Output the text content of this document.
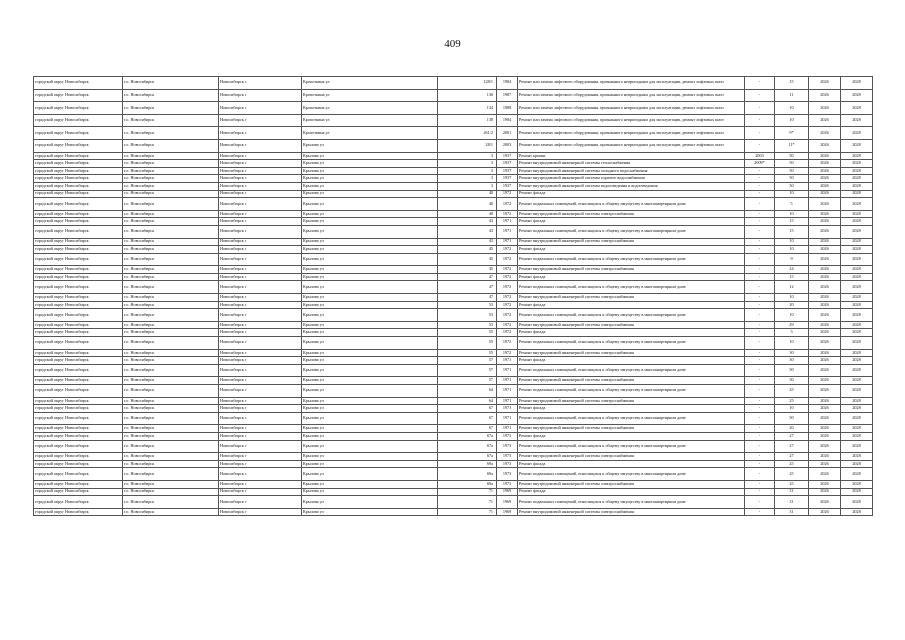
409
городской округ Новосибирск	г.о. Новосибирск	Новосибирск г	Кропоткина ул	128/1	1984	Ремонт или замена лифтового оборудования, признанного непригодным для эксплуатации, ремонт лифтовых шахт	-	15	2026	2028
городской округ Новосибирск	г.о. Новосибирск	Новосибирск г	Кропоткина ул	130	1987	Ремонт или замена лифтового оборудования, признанного непригодным для эксплуатации, ремонт лифтовых шахт	-	11	2026	2028
городской округ Новосибирск	г.о. Новосибирск	Новосибирск г	Кропоткина ул	134	1988	Ремонт или замена лифтового оборудования, признанного непригодным для эксплуатации, ремонт лифтовых шахт	-	10	2026	2028
городской округ Новосибирск	г.о. Новосибирск	Новосибирск г	Кропоткина ул	138	1984	Ремонт или замена лифтового оборудования, признанного непригодным для эксплуатации, ремонт лифтовых шахт	-	10	2026	2028
городской округ Новосибирск	г.о. Новосибирск	Новосибирск г	Кропоткина ул	261/2	2001	Ремонт или замена лифтового оборудования, признанного непригодным для эксплуатации, ремонт лифтовых шахт	-	9*	2026	2028
городской округ Новосибирск	г.о. Новосибирск	Новосибирск г	Крылова ул	28/1	2003	Ремонт или замена лифтового оборудования, признанного непригодным для эксплуатации, ремонт лифтовых шахт	-	11*	2026	2028
городской округ Новосибирск	г.о. Новосибирск	Новосибирск г	Крылова ул	3	1937	Ремонт крыши	2003	50	2026	2028
городской округ Новосибирск	г.о. Новосибирск	Новосибирск г	Крылова ул	3	1937	Ремонт внутридомовой инженерной системы теплоснабжения	2009*	50	2026	2028
городской округ Новосибирск	г.о. Новосибирск	Новосибирск г	Крылова ул	3	1937	Ремонт внутридомовой инженерной системы холодного водоснабжения	-	50	2026	2028
городской округ Новосибирск	г.о. Новосибирск	Новосибирск г	Крылова ул	3	1937	Ремонт внутридомовой инженерной системы горячего водоснабжения	-	50	2026	2028
городской округ Новосибирск	г.о. Новосибирск	Новосибирск г	Крылова ул	3	1937	Ремонт внутридомовой инженерной системы водоотведения и водоотведения	-	50	2026	2028
городской округ Новосибирск	г.о. Новосибирск	Новосибирск г	Крылова ул	40	1972	Ремонт фасада	-	10	2026	2028
городской округ Новосибирск	г.о. Новосибирск	Новосибирск г	Крылова ул	40	1972	Ремонт подвальных помещений, относящихся к общему имуществу в многоквартирном доме	-	5	2026	2028
городской округ Новосибирск	г.о. Новосибирск	Новосибирск г	Крылова ул	40	1972	Ремонт внутридомовой инженерной системы электроснабжения	-	10	2026	2028
городской округ Новосибирск	г.о. Новосибирск	Новосибирск г	Крылова ул	43	1971	Ремонт фасада	-	15	2026	2028
городской округ Новосибирск	г.о. Новосибирск	Новосибирск г	Крылова ул	43	1971	Ремонт подвальных помещений, относящихся к общему имуществу в многоквартирном доме	-	15	2026	2028
городской округ Новосибирск	г.о. Новосибирск	Новосибирск г	Крылова ул	43	1971	Ремонт внутридомовой инженерной системы электроснабжения	-	10	2026	2028
городской округ Новосибирск	г.о. Новосибирск	Новосибирск г	Крылова ул	45	1972	Ремонт фасада	-	10	2026	2028
городской округ Новосибирск	г.о. Новосибирск	Новосибирск г	Крылова ул	45	1972	Ремонт подвальных помещений, относящихся к общему имуществу в многоквартирном доме	-	9	2026	2028
городской округ Новосибирск	г.о. Новосибирск	Новосибирск г	Крылова ул	45	1972	Ремонт внутридомовой инженерной системы электроснабжения	-	24	2026	2028
городской округ Новосибирск	г.о. Новосибирск	Новосибирск г	Крылова ул	47	1972	Ремонт фасада	-	15	2026	2028
городской округ Новосибирск	г.о. Новосибирск	Новосибирск г	Крылова ул	47	1972	Ремонт подвальных помещений, относящихся к общему имуществу в многоквартирном доме	-	12	2026	2028
городской округ Новосибирск	г.о. Новосибирск	Новосибирск г	Крылова ул	47	1972	Ремонт внутридомовой инженерной системы электроснабжения	-	10	2026	2028
городской округ Новосибирск	г.о. Новосибирск	Новосибирск г	Крылова ул	53	1972	Ремонт фасада	-	20	2026	2028
городской округ Новосибирск	г.о. Новосибирск	Новосибирск г	Крылова ул	53	1972	Ремонт подвальных помещений, относящихся к общему имуществу в многоквартирном доме	-	10	2026	2028
городской округ Новосибирск	г.о. Новосибирск	Новосибирск г	Крылова ул	53	1972	Ремонт внутридомовой инженерной системы электроснабжения	-	29	2026	2028
городской округ Новосибирск	г.о. Новосибирск	Новосибирск г	Крылова ул	55	1972	Ремонт фасада	-	3	2026	2028
городской округ Новосибирск	г.о. Новосибирск	Новосибирск г	Крылова ул	55	1972	Ремонт подвальных помещений, относящихся к общему имуществу в многоквартирном доме	-	10	2026	2028
городской округ Новосибирск	г.о. Новосибирск	Новосибирск г	Крылова ул	55	1972	Ремонт внутридомовой инженерной системы электроснабжения	-	30	2026	2028
городской округ Новосибирск	г.о. Новосибирск	Новосибирск г	Крылова ул	57	1971	Ремонт фасада	-	30	2026	2028
городской округ Новосибирск	г.о. Новосибирск	Новосибирск г	Крылова ул	57	1971	Ремонт подвальных помещений, относящихся к общему имуществу в многоквартирном доме	-	30	2026	2028
городской округ Новосибирск	г.о. Новосибирск	Новосибирск г	Крылова ул	57	1971	Ремонт внутридомовой инженерной системы электроснабжения	-	30	2026	2028
городской округ Новосибирск	г.о. Новосибирск	Новосибирск г	Крылова ул	64	1971	Ремонт подвальных помещений, относящихся к общему имуществу в многоквартирном доме	-	25	2026	2028
городской округ Новосибирск	г.о. Новосибирск	Новосибирск г	Крылова ул	64	1971	Ремонт внутридомовой инженерной системы электроснабжения	-	25	2026	2028
городской округ Новосибирск	г.о. Новосибирск	Новосибирск г	Крылова ул	67	1971	Ремонт фасада	-	10	2026	2028
городской округ Новосибирск	г.о. Новосибирск	Новосибирск г	Крылова ул	67	1971	Ремонт подвальных помещений, относящихся к общему имуществу в многоквартирном доме	-	30	2026	2028
городской округ Новосибирск	г.о. Новосибирск	Новосибирск г	Крылова ул	67	1971	Ремонт внутридомовой инженерной системы электроснабжения	-	20	2026	2028
городской округ Новосибирск	г.о. Новосибирск	Новосибирск г	Крылова ул	67а	1973	Ремонт фасада	-	27	2026	2028
городской округ Новосибирск	г.о. Новосибирск	Новосибирск г	Крылова ул	67а	1973	Ремонт подвальных помещений, относящихся к общему имуществу в многоквартирном доме	-	27	2026	2028
городской округ Новосибирск	г.о. Новосибирск	Новосибирск г	Крылова ул	67а	1973	Ремонт внутридомовой инженерной системы электроснабжения	-	27	2026	2028
городской округ Новосибирск	г.о. Новосибирск	Новосибирск г	Крылова ул	69а	1973	Ремонт фасада	-	25	2026	2028
городской округ Новосибирск	г.о. Новосибирск	Новосибирск г	Крылова ул	69а	1973	Ремонт подвальных помещений, относящихся к общему имуществу в многоквартирном доме	-	25	2026	2028
городской округ Новосибирск	г.о. Новосибирск	Новосибирск г	Крылова ул	69а	1973	Ремонт внутридомовой инженерной системы электроснабжения	-	25	2026	2028
городской округ Новосибирск	г.о. Новосибирск	Новосибирск г	Крылова ул	71	1969	Ремонт фасада	-	31	2026	2028
городской округ Новосибирск	г.о. Новосибирск	Новосибирск г	Крылова ул	71	1969	Ремонт подвальных помещений, относящихся к общему имуществу в многоквартирном доме	-	31	2026	2028
городской округ Новосибирск	г.о. Новосибирск	Новосибирск г	Крылова ул	71	1969	Ремонт внутридомовой инженерной системы электроснабжения	-	31	2026	2028
